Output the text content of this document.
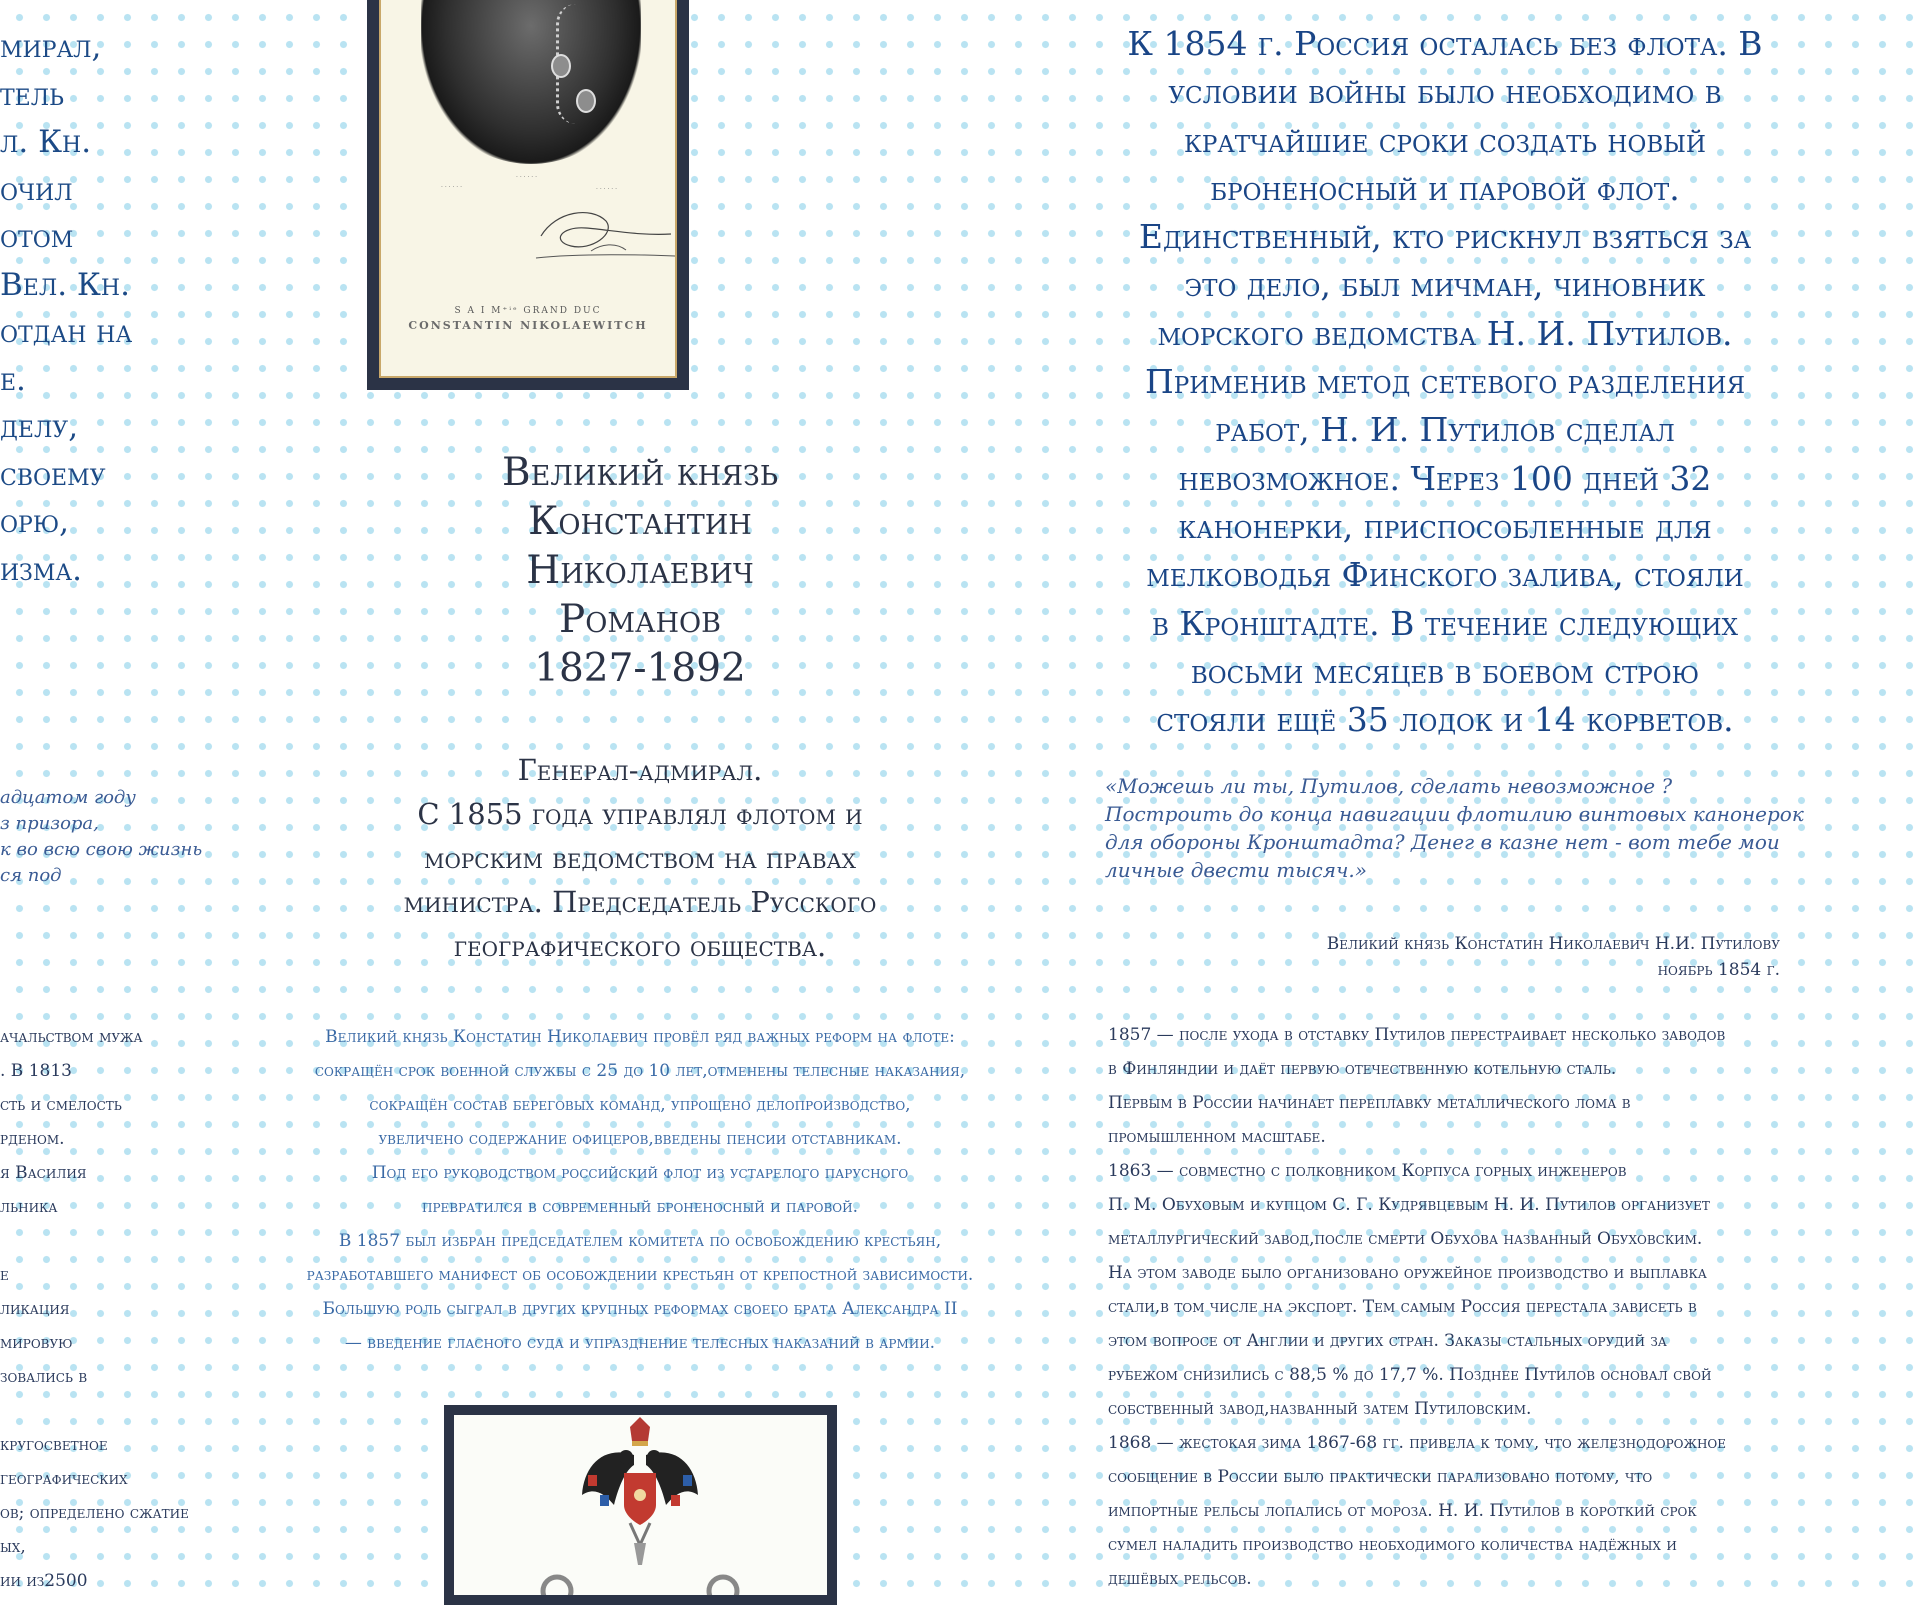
мирал,
тель
л. Кн.
очил
отом
Вел. Кн.
отдан на
е.
делу,
своему
орю,
изма.
адцатом году
з призора,
к во всю свою жизнь
ся под
ачальством мужа
. В 1813
сть и смелость
рденом.
я Василия
льника

е
ликация
мировую
зовались в

кругосветное
географических
ов; определено сжатие
ых,
ии из2500
· · · · · ·
· · · · · ·
· · · · · ·
S A I M⁺ⁱᵉ GRAND DUC
CONSTANTIN NIKOLAEWITCH
Великий князь
Константин
Николаевич
Романов
1827-1892
Генерал-адмирал.
С 1855 года управлял флотом и
морским ведомством на правах
министра. Председатель Русского
географического общества.
Великий князь Констатин Николаевич провёл ряд важных реформ на флоте:
сокращён срок военной службы с 25 до 10 лет,отменены телесные наказания,
сокращён состав береговых команд, упрощено делопроизводство,
увеличено содержание офицеров,введены пенсии отставникам.
Под его руководством российский флот из устарелого парусного
превратился в современный броненосный и паровой.
В 1857 был избран председателем комитета по освобождению крестьян,
разработавшего манифест об особождении крестьян от крепостной зависимости.
Большую роль сыграл в других крупных реформах своего брата Александра II
— введение гласного суда и упразднение телесных наказаний в армии.
К 1854 г. Россия осталась без флота. В
условии войны было необходимо в
кратчайшие сроки создать новый
броненосный и паровой флот.
Единственный, кто рискнул взяться за
это дело, был мичман, чиновник
морского ведомства Н. И. Путилов.
Применив метод сетевого разделения
работ, Н. И. Путилов сделал
невозможное. Через 100 дней 32
канонерки, приспособленные для
мелководья Финского залива, стояли
в Кронштадте. В течение следующих
восьми месяцев в боевом строю
стояли ещё 35 лодок и 14 корветов.
«Можешь ли ты, Путилов, сделать невозможное ?
Построить до конца навигации флотилию винтовых канонерок
для обороны Кронштадта? Денег в казне нет - вот тебе мои
личные двести тысяч.»
Великий князь Констатин Николаевич Н.И. Путилову
ноябрь 1854 г.
1857 — после ухода в отставку Путилов перестраивает несколько заводов
в Финляндии и даёт первую отечественную котельную сталь.
Первым в России начинает переплавку металлического лома в
промышленном масштабе.
1863 — совместно с полковником Корпуса горных инженеров
П. М. Обуховым и купцом С. Г. Кудрявцевым Н. И. Путилов организует
металлургический завод,после смерти Обухова названный Обуховским.
На этом заводе было организовано оружейное производство и выплавка
стали,в том числе на экспорт. Тем самым Россия перестала зависеть в
этом вопросе от Англии и других стран. Заказы стальных орудий за
рубежом снизились с 88,5 % до 17,7 %. Позднее Путилов основал свой
собственный завод,названный затем Путиловским.
1868 — жестокая зима 1867-68 гг. привела к тому, что железнодорожное
сообщение в России было практически парализовано потому, что
импортные рельсы лопались от мороза. Н. И. Путилов в короткий срок
сумел наладить производство необходимого количества надёжных и
дешёвых рельсов.
